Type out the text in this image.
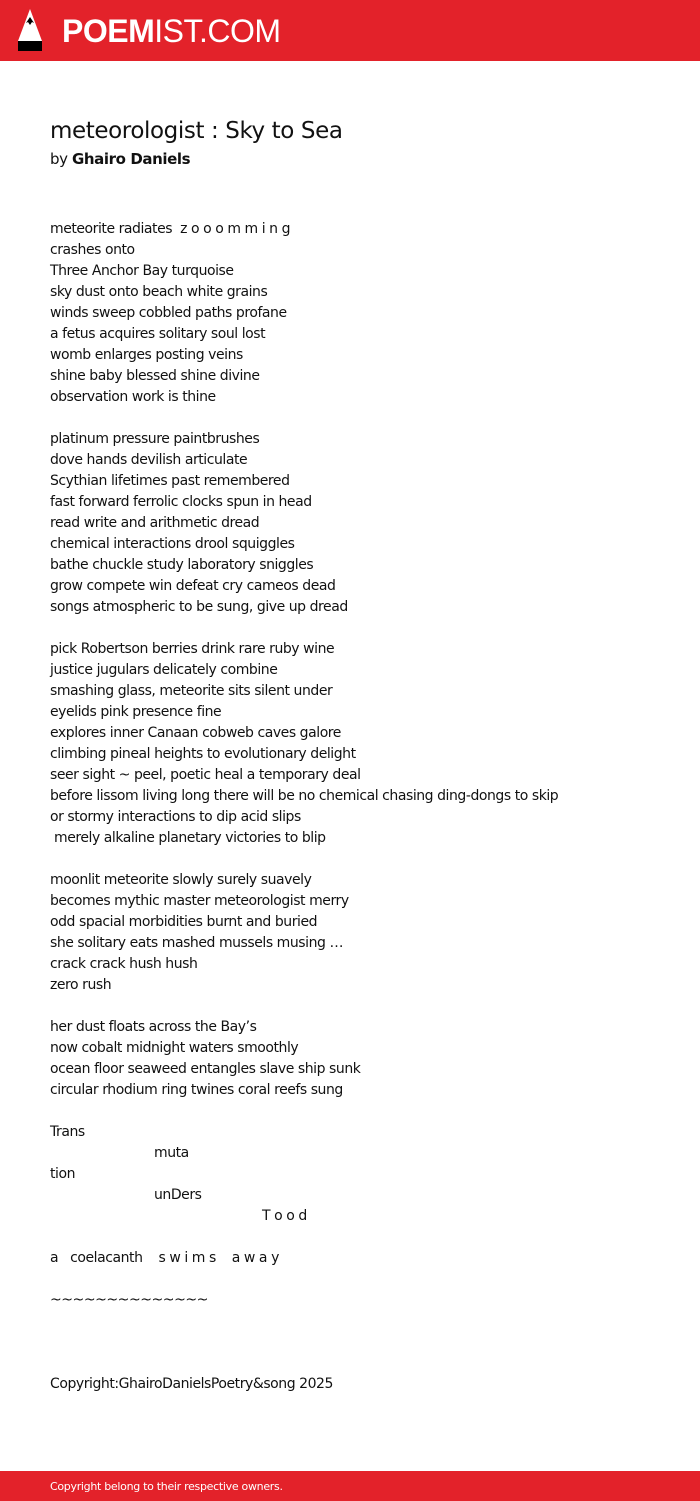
POEMIST.COM
meteorologist : Sky to Sea
by Ghairo Daniels
meteorite radiates  z o o o m m i n g
crashes onto
Three Anchor Bay turquoise
sky dust onto beach white grains
winds sweep cobbled paths profane
a fetus acquires solitary soul lost
womb enlarges posting veins
shine baby blessed shine divine
observation work is thine
platinum pressure paintbrushes
dove hands devilish articulate
Scythian lifetimes past remembered
fast forward ferrolic clocks spun in head
read write and arithmetic dread
chemical interactions drool squiggles
bathe chuckle study laboratory sniggles
grow compete win defeat cry cameos dead
songs atmospheric to be sung, give up dread
pick Robertson berries drink rare ruby wine
justice jugulars delicately combine
smashing glass, meteorite sits silent under
eyelids pink presence fine
explores inner Canaan cobweb caves galore
climbing pineal heights to evolutionary delight
seer sight ~ peel, poetic heal a temporary deal
before lissom living long there will be no chemical chasing ding-dongs to skip
or stormy interactions to dip acid slips
merely alkaline planetary victories to blip
moonlit meteorite slowly surely suavely
becomes mythic master meteorologist merry
odd spacial morbidities burnt and buried
she solitary eats mashed mussels musing …
crack crack hush hush
zero rush
her dust floats across the Bay’s
now cobalt midnight waters smoothly
ocean floor seaweed entangles slave ship sunk
circular rhodium ring twines coral reefs sung
Trans
muta
tion
unDers
T o o d
a   coelacanth    s w i m s    a w a y
~~~~~~~~~~~~~~
Copyright:GhairoDanielsPoetry&song 2025
Copyright belong to their respective owners.
